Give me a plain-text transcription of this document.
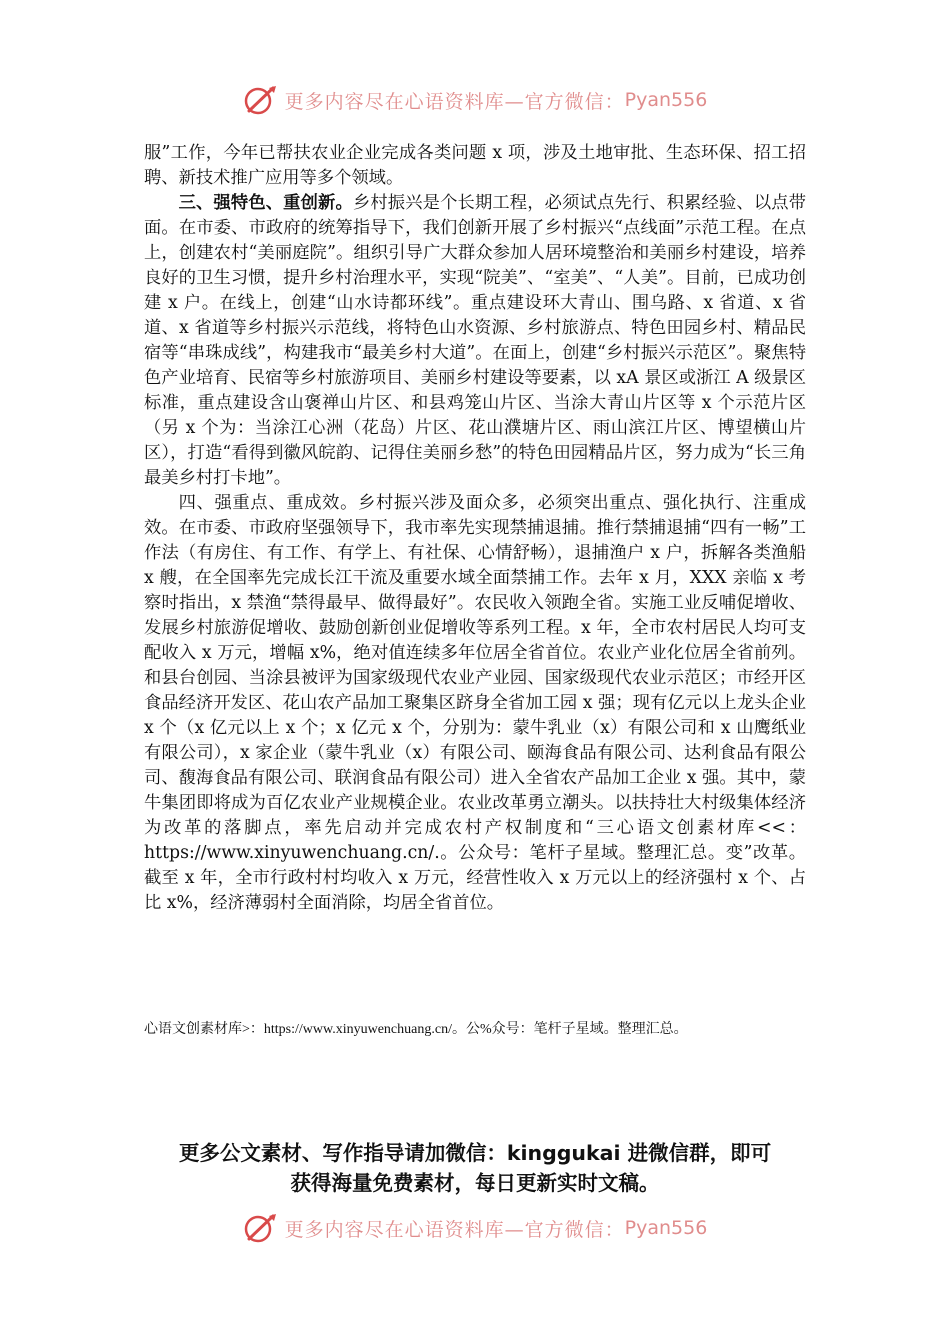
更多内容尽在心语资料库—官方微信： Pyan556

服”工作，今年已帮扶农业企业完成各类问题 x 项，涉及土地审批、生态环保、招工招聘、新技术推广应用等多个领域。

三、强特色、重创新。乡村振兴是个长期工程，必须试点先行、积累经验、以点带面。在市委、市政府的统筹指导下，我们创新开展了乡村振兴“点线面”示范工程。在点上，创建农村“美丽庭院”。组织引导广大群众参加人居环境整治和美丽乡村建设，培养良好的卫生习惯，提升乡村治理水平，实现“院美”、“室美”、“人美”。目前，已成功创建 x 户。在线上，创建“山水诗都环线”。重点建设环大青山、围乌路、x 省道、x 省道、x 省道等乡村振兴示范线，将特色山水资源、乡村旅游点、特色田园乡村、精品民宿等“串珠成线”，构建我市“最美乡村大道”。在面上，创建“乡村振兴示范区”。聚焦特色产业培育、民宿等乡村旅游项目、美丽乡村建设等要素，以 xA 景区或浙江 A 级景区标准，重点建设含山褒禅山片区、和县鸡笼山片区、当涂大青山片区等 x 个示范片区（另 x 个为：当涂江心洲（花岛）片区、花山濮塘片区、雨山滨江片区、博望横山片区），打造“看得到徽风皖韵、记得住美丽乡愁”的特色田园精品片区，努力成为“长三角最美乡村打卡地”。

四、强重点、重成效。乡村振兴涉及面众多，必须突出重点、强化执行、注重成效。在市委、市政府坚强领导下，我市率先实现禁捕退捕。推行禁捕退捕“四有一畅”工作法（有房住、有工作、有学上、有社保、心情舒畅），退捕渔户 x 户，拆解各类渔船 x 艘，在全国率先完成长江干流及重要水域全面禁捕工作。去年 x 月，XXX 亲临 x 考察时指出，x 禁渔“禁得最早、做得最好”。农民收入领跑全省。实施工业反哺促增收、发展乡村旅游促增收、鼓励创新创业促增收等系列工程。x 年，全市农村居民人均可支配收入 x 万元，增幅 x%，绝对值连续多年位居全省首位。农业产业化位居全省前列。和县台创园、当涂县被评为国家级现代农业产业园、国家级现代农业示范区；市经开区食品经济开发区、花山农产品加工聚集区跻身全省加工园 x 强；现有亿元以上龙头企业 x 个（x 亿元以上 x 个；x 亿元 x 个，分别为：蒙牛乳业（x）有限公司和 x 山鹰纸业有限公司），x 家企业（蒙牛乳业（x）有限公司、颐海食品有限公司、达利食品有限公司、馥海食品有限公司、联润食品有限公司）进入全省农产品加工企业 x 强。其中，蒙牛集团即将成为百亿农业产业规模企业。农业改革勇立潮头。以扶持壮大村级集体经济为改革的落脚点，率先启动并完成农村产权制度和“三心语文创素材库<<：https://www.xinyuwenchuang.cn/.。公众号：笔杆子星域。整理汇总。变”改革。截至 x 年，全市行政村村均收入 x 万元，经营性收入 x 万元以上的经济强村 x 个、占比 x%，经济薄弱村全面消除，均居全省首位。

心语文创素材库>：https://www.xinyuwenchuang.cn/。公%众号：笔杆子星域。整理汇总。
更多公文素材、写作指导请加微信：kinggukai 进微信群，即可
获得海量免费素材，每日更新实时文稿。
更多内容尽在心语资料库—官方微信： Pyan556
